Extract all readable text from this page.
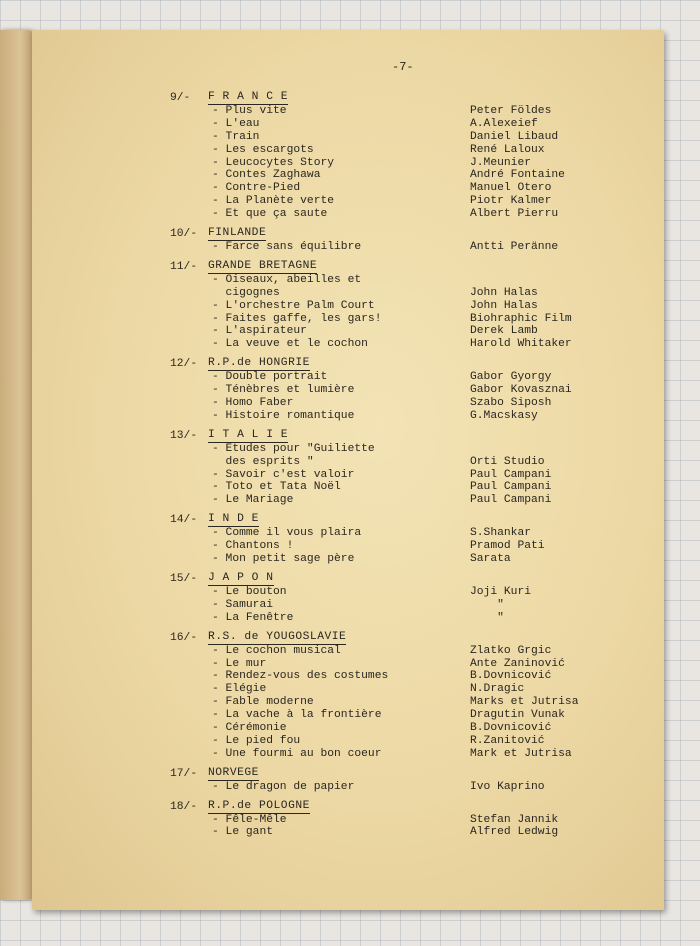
-7-
9/-	F R A N C E
- Plus vite	Peter Földes
- L'eau	A.Alexeief
- Train	Daniel Libaud
- Les escargots	René Laloux
- Leucocytes Story	J.Meunier
- Contes Zaghawa	André Fontaine
- Contre-Pied	Manuel Otero
- La Planète verte	Piotr Kalmer
- Et que ça saute	Albert Pierru
10/- FINLANDE
- Farce sans équilibre	Antti Peränne
11/- GRANDE BRETAGNE
- Oiseaux, abeilles et
cigognes	John Halas
- L'orchestre Palm Court	John Halas
- Faites gaffe, les gars!	Biohraphic Film
- L'aspirateur	Derek Lamb
- La veuve et le cochon	Harold Whitaker
12/- R.P.de HONGRIE
- Double portrait	Gabor Gyorgy
- Ténèbres et lumière	Gabor Kovasznai
- Homo Faber	Szabo Siposh
- Histoire romantique	G.Macskasy
13/- I T A L I E
- Etudes pour "Guiliette
des esprits "	Orti Studio
- Savoir c'est valoir	Paul Campani
- Toto et Tata Noël	Paul Campani
- Le Mariage	Paul Campani
14/- I N D E
- Comme il vous plaira	S.Shankar
- Chantons !	Pramod Pati
- Mon petit sage père	Sarata
15/- J A P O N
- Le bouton	Joji Kuri
- Samurai	"
- La Fenêtre	"
16/- R.S. de YOUGOSLAVIE
- Le cochon musical	Zlatko Grgic
- Le mur	Ante Zaninović
- Rendez-vous des costumes	B.Dovnicović
- Elégie	N.Dragic
- Fable moderne	Marks et Jutrisa
- La vache à la frontière	Dragutin Vunak
- Cérémonie	B.Dovnicović
- Le pied fou	R.Zanitović
- Une fourmi au bon coeur	Mark et Jutrisa
17/- NORVEGE
- Le dragon de papier	Ivo Kaprino
18/- R.P.de POLOGNE
- Fêle-Mêle	Stefan Jannik
- Le gant	Alfred Ledwig
